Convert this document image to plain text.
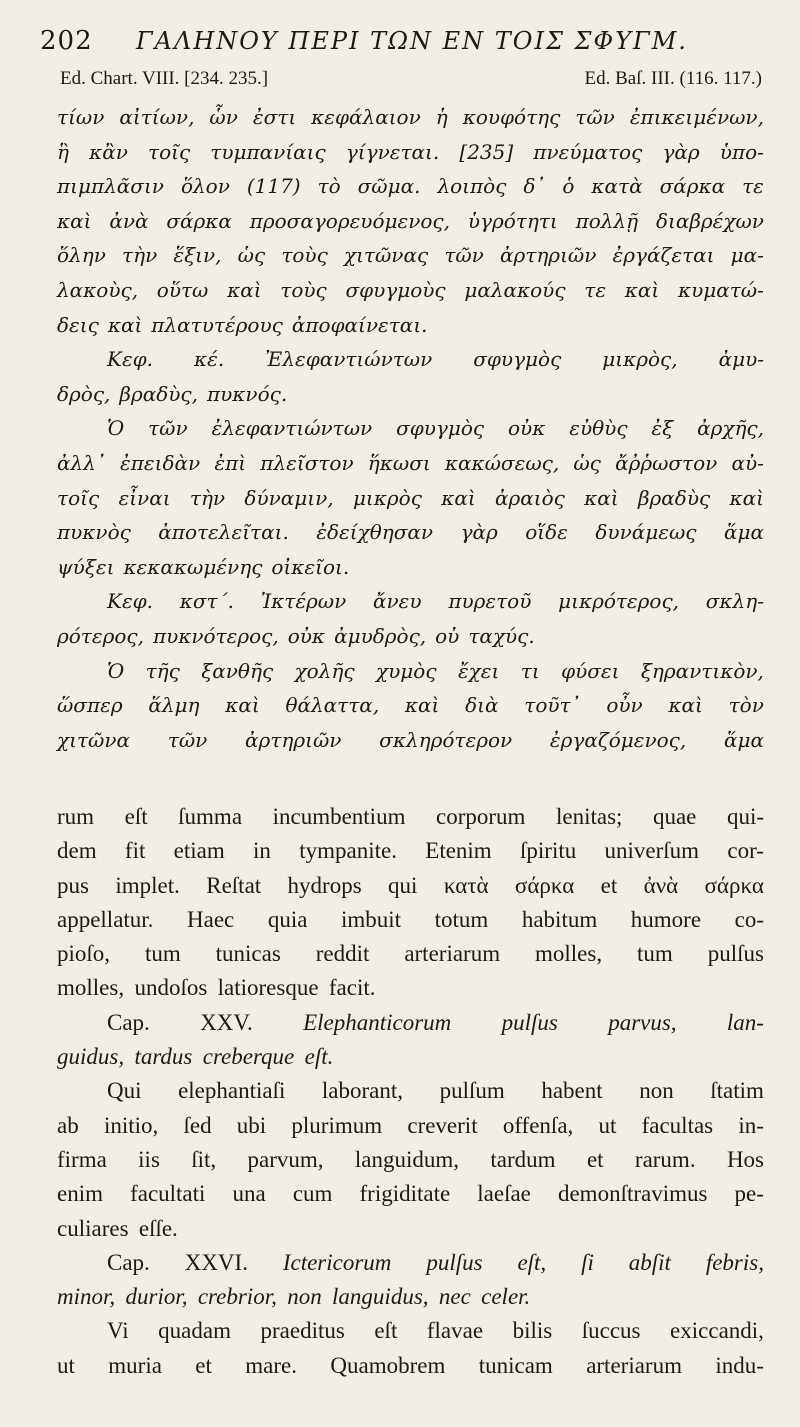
202	ΓΑΛΗΝΟΥ ΠΕΡΙ ΤΩΝ ΕΝ ΤΟΙΣ ΣΦΥΓΜ.
Ed. Chart. VIII. [234. 235.]	Ed. Baſ. III. (116. 117.)
τίων αἰτίων, ὧν ἐστι κεφάλαιον ἡ κουφότης τῶν ἐπικειμένων,
ἣ κἂν τοῖς τυμπανίαις γίγνεται. [235] πνεύματος γὰρ ὑπο-
πιμπλᾶσιν ὅλον (117) τὸ σῶμα. λοιπὸς δ᾽ ὁ κατὰ σάρκα τε
καὶ ἀνὰ σάρκα προσαγορευόμενος, ὑγρότητι πολλῇ διαβρέχων
ὅλην τὴν ἕξιν, ὡς τοὺς χιτῶνας τῶν ἀρτηριῶν ἐργάζεται μα-
λακοὺς, οὕτω καὶ τοὺς σφυγμοὺς μαλακούς τε καὶ κυματώ-
δεις καὶ πλατυτέρους ἀποφαίνεται.
Κεφ. κέ. Ἐλεφαντιώντων σφυγμὸς μικρὸς, ἀμυ-
δρὸς, βραδὺς, πυκνός.
Ὁ τῶν ἐλεφαντιώντων σφυγμὸς οὐκ εὐθὺς ἐξ ἀρχῆς,
ἀλλ᾽ ἐπειδὰν ἐπὶ πλεῖστον ἥκωσι κακώσεως, ὡς ἄῤῥωστον αὐ-
τοῖς εἶναι τὴν δύναμιν, μικρὸς καὶ ἀραιὸς καὶ βραδὺς καὶ
πυκνὸς ἀποτελεῖται. ἐδείχθησαν γὰρ οἵδε δυνάμεως ἅμα
ψύξει κεκακωμένης οἰκεῖοι.
Κεφ. κστ΄. Ἰκτέρων ἄνευ πυρετοῦ μικρότερος, σκλη-
ρότερος, πυκνότερος, οὐκ ἀμυδρὸς, οὐ ταχύς.
Ὁ τῆς ξανθῆς χολῆς χυμὸς ἔχει τι φύσει ξηραντικὸν,
ὥσπερ ἅλμη καὶ θάλαττα, καὶ διὰ τοῦτ᾽ οὖν καὶ τὸν
χιτῶνα τῶν ἀρτηριῶν σκληρότερον ἐργαζόμενος, ἅμα
rum eſt ſumma incumbentium corporum lenitas; quae qui-
dem fit etiam in tympanite. Etenim ſpiritu univerſum cor-
pus implet. Reſtat hydrops qui κατὰ σάρκα et ἀνὰ σάρκα
appellatur. Haec quia imbuit totum habitum humore co-
pioſo, tum tunicas reddit arteriarum molles, tum pulſus
molles, undoſos latioresque facit.
Cap. XXV. Elephanticorum pulſus parvus, lan-
guidus, tardus creberque eſt.
Qui elephantiaſi laborant, pulſum habent non ſtatim
ab initio, ſed ubi plurimum creverit offenſa, ut facultas in-
firma iis ſit, parvum, languidum, tardum et rarum. Hos
enim facultati una cum frigiditate laeſae demonſtravimus pe-
culiares eſſe.
Cap. XXVI. Ictericorum pulſus eſt, ſi abſit febris,
minor, durior, crebrior, non languidus, nec celer.
Vi quadam praeditus eſt flavae bilis ſuccus exiccandi,
ut muria et mare. Quamobrem tunicam arteriarum indu-
